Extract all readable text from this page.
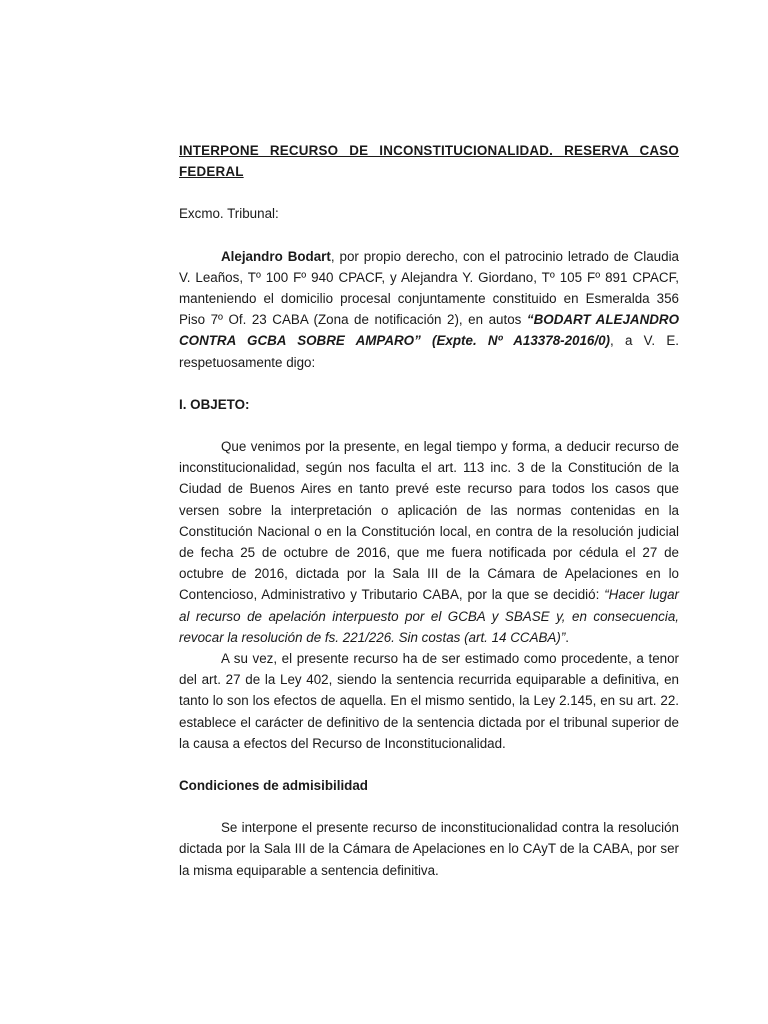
INTERPONE RECURSO DE INCONSTITUCIONALIDAD. RESERVA CASO FEDERAL

Excmo. Tribunal:

Alejandro Bodart, por propio derecho, con el patrocinio letrado de Claudia V. Leaños, Tº 100 Fº 940 CPACF, y Alejandra Y. Giordano, Tº 105 Fº 891 CPACF, manteniendo el domicilio procesal conjuntamente constituido en Esmeralda 356 Piso 7º Of. 23 CABA (Zona de notificación 2), en autos “BODART ALEJANDRO CONTRA GCBA SOBRE AMPARO” (Expte. Nº A13378-2016/0), a V. E. respetuosamente digo:

I. OBJETO:

Que venimos por la presente, en legal tiempo y forma, a deducir recurso de inconstitucionalidad, según nos faculta el art. 113 inc. 3 de la Constitución de la Ciudad de Buenos Aires en tanto prevé este recurso para todos los casos que versen sobre la interpretación o aplicación de las normas contenidas en la Constitución Nacional o en la Constitución local, en contra de la resolución judicial de fecha 25 de octubre de 2016, que me fuera notificada por cédula el 27 de octubre de 2016, dictada por la Sala III de la Cámara de Apelaciones en lo Contencioso, Administrativo y Tributario CABA, por la que se decidió: “Hacer lugar al recurso de apelación interpuesto por el GCBA y SBASE y, en consecuencia, revocar la resolución de fs. 221/226. Sin costas (art. 14 CCABA)”.

A su vez, el presente recurso ha de ser estimado como procedente, a tenor del art. 27 de la Ley 402, siendo la sentencia recurrida equiparable a definitiva, en tanto lo son los efectos de aquella. En el mismo sentido, la Ley 2.145, en su art. 22. establece el carácter de definitivo de la sentencia dictada por el tribunal superior de la causa a efectos del Recurso de Inconstitucionalidad.

Condiciones de admisibilidad

Se interpone el presente recurso de inconstitucionalidad contra la resolución dictada por la Sala III de la Cámara de Apelaciones en lo CAyT de la CABA, por ser la misma equiparable a sentencia definitiva.
